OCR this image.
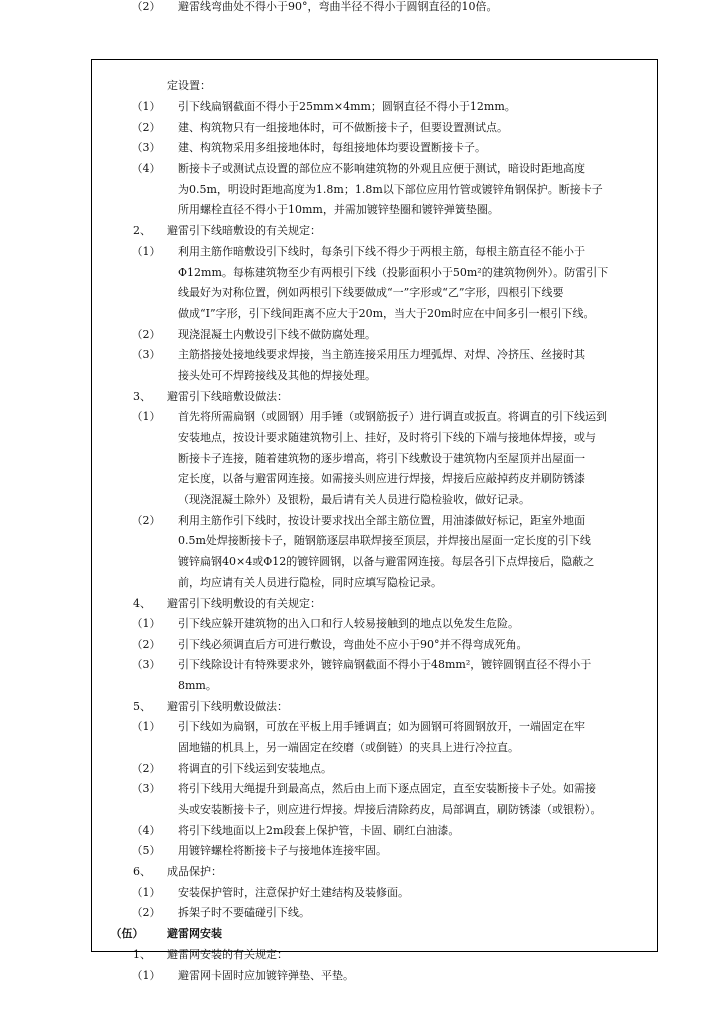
定设置：
（1）	引下线扁钢截面不得小于25mm×4mm；圆钢直径不得小于12mm。
（2）	建、构筑物只有一组接地体时，可不做断接卡子，但要设置测试点。
（3）	建、构筑物采用多组接地体时，每组接地体均要设置断接卡子。
（4）	断接卡子或测试点设置的部位应不影响建筑物的外观且应便于测试，暗设时距地高度
为0.5m，明设时距地高度为1.8m；1.8m以下部位应用竹管或镀锌角钢保护。断接卡子
所用螺栓直径不得小于10mm，并需加镀锌垫圈和镀锌弹簧垫圈。
2、	避雷引下线暗敷设的有关规定：
（1）	利用主筋作暗敷设引下线时，每条引下线不得少于两根主筋，每根主筋直径不能小于
Φ12mm。每栋建筑物至少有两根引下线（投影面积小于50m²的建筑物例外）。防雷引下
线最好为对称位置，例如两根引下线要做成“一”字形或“乙”字形，四根引下线要
做成“I”字形，引下线间距离不应大于20m，当大于20m时应在中间多引一根引下线。
（2）	现浇混凝土内敷设引下线不做防腐处理。
（3）	主筋搭接处接地线要求焊接，当主筋连接采用压力埋弧焊、对焊、冷挤压、丝接时其
接头处可不焊跨接线及其他的焊接处理。
3、	避雷引下线暗敷设做法：
（1）	首先将所需扁钢（或圆钢）用手锤（或钢筋扳子）进行调直或扳直。将调直的引下线运到
安装地点，按设计要求随建筑物引上、挂好，及时将引下线的下端与接地体焊接，或与
断接卡子连接，随着建筑物的逐步增高，将引下线敷设于建筑物内至屋顶并出屋面一
定长度，以备与避雷网连接。如需接头则应进行焊接，焊接后应敲掉药皮并刷防锈漆
（现浇混凝土除外）及银粉，最后请有关人员进行隐检验收，做好记录。
（2）	利用主筋作引下线时，按设计要求找出全部主筋位置，用油漆做好标记，距室外地面
0.5m处焊接断接卡子，随钢筋逐层串联焊接至顶层，并焊接出屋面一定长度的引下线
镀锌扁钢40×4或Φ12的镀锌圆钢，以备与避雷网连接。每层各引下点焊接后，隐蔽之
前，均应请有关人员进行隐检，同时应填写隐检记录。
4、	避雷引下线明敷设的有关规定：
（1）	引下线应躲开建筑物的出入口和行人较易接触到的地点以免发生危险。
（2）	引下线必须调直后方可进行敷设，弯曲处不应小于90°并不得弯成死角。
（3）	引下线除设计有特殊要求外，镀锌扁钢截面不得小于48mm²，镀锌圆钢直径不得小于
8mm。
5、	避雷引下线明敷设做法：
（1）	引下线如为扁钢，可放在平板上用手锤调直；如为圆钢可将圆钢放开，一端固定在牢
固地锚的机具上，另一端固定在绞磨（或倒链）的夹具上进行冷拉直。
（2）	将调直的引下线运到安装地点。
（3）	将引下线用大绳提升到最高点，然后由上而下逐点固定，直至安装断接卡子处。如需接
头或安装断接卡子，则应进行焊接。焊接后清除药皮，局部调直，刷防锈漆（或银粉）。
（4）	将引下线地面以上2m段套上保护管，卡固、刷红白油漆。
（5）	用镀锌螺栓将断接卡子与接地体连接牢固。
6、	成品保护：
（1）	安装保护管时，注意保护好土建结构及装修面。
（2）	拆架子时不要磕碰引下线。
（伍）	避雷网安装
1、	避雷网安装的有关规定：
（1）	避雷网卡固时应加镀锌弹垫、平垫。
（2）	避雷线弯曲处不得小于90°，弯曲半径不得小于圆钢直径的10倍。
